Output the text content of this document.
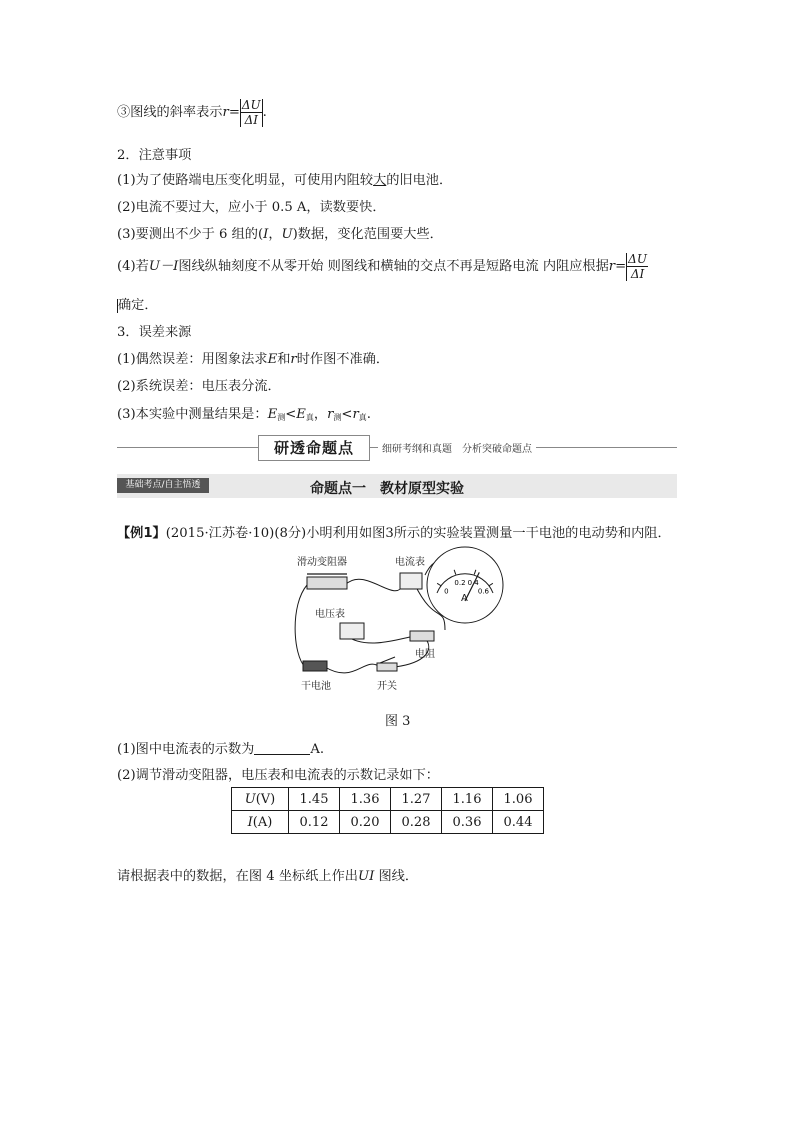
③图线的斜率表示$r= \frac{\Delta U}{\Delta I}$ .
2．注意事项
(1)为了使路端电压变化明显，可使用内阻较大的旧电池．
(2)电流不要过大，应小于 0.5 A，读数要快．
(3)要测出不少于 6 组的(I，U)数据，变化范围要大些．
(4)若U－I图线纵轴刻度不从零开始 则图线和横轴的交点不再是短路电流 内阻应根据$r= \frac{\Delta U}{\Delta I}$
确定．
3．误差来源
(1)偶然误差：用图象法求E和r时作图不准确．
(2)系统误差：电压表分流．
(3)本实验中测量结果是：$E_测<E_真$，$r_测<r_真$.
研透命题点	细研考纲和真题　分析突破命题点
基础考点/自主悟透	命题点一　教材原型实验
【例1】(2015·江苏卷·10)(8分)小明利用如图3所示的实验装置测量一干电池的电动势和内阻．
滑动变阻器	电流表
0
0.2 0.4
0.6
A
电压表
电阻
干电池	开关
图 3
(1)图中电流表的示数为	A.
(2)调节滑动变阻器，电压表和电流表的示数记录如下：
U(V)	1.45	1.36	1.27	1.16	1.06
I(A)	0.12	0.20	0.28	0.36	0.44
请根据表中的数据，在图 4 坐标纸上作出UI 图线．
